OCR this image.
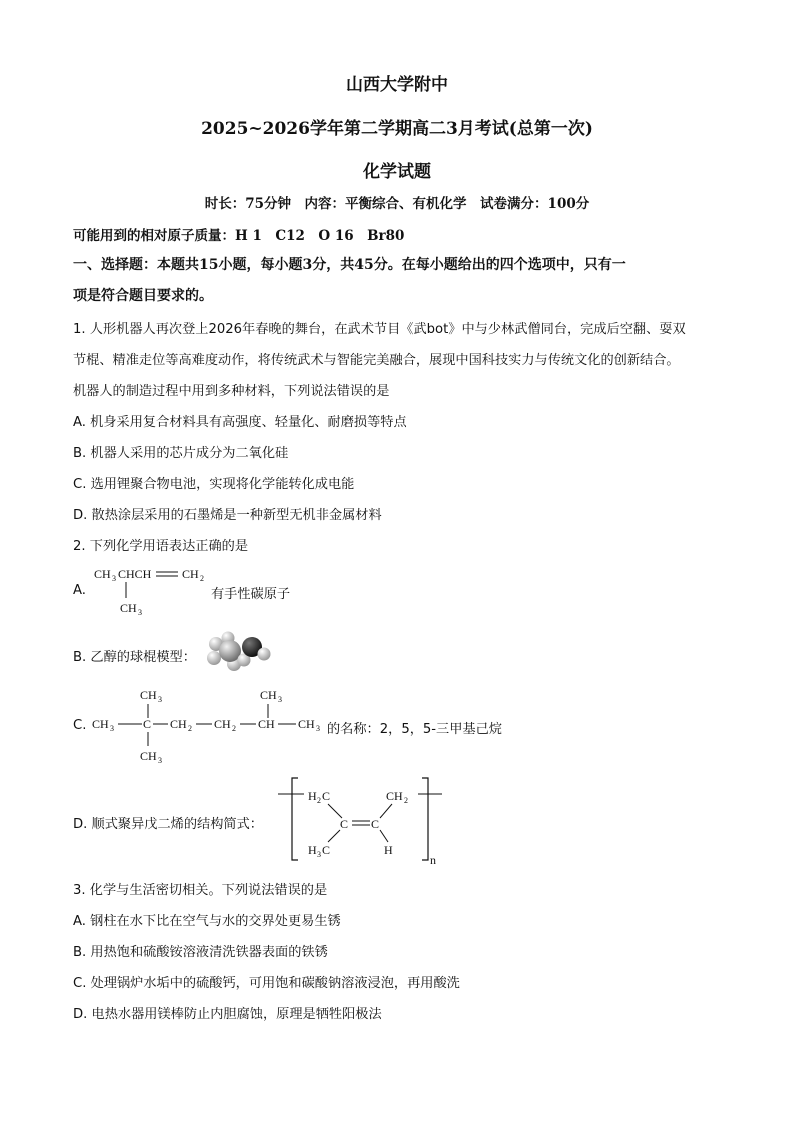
山西大学附中
2025~2026学年第二学期高二3月考试(总第一次)
化学试题
时长：75分钟　内容：平衡综合、有机化学　试卷满分：100分
可能用到的相对原子质量：H 1　C12　O 16　Br80
一、选择题：本题共15小题，每小题3分，共45分。在每小题给出的四个选项中，只有一
项是符合题目要求的。
1. 人形机器人再次登上2026年春晚的舞台，在武术节目《武bot》中与少林武僧同台，完成后空翻、耍双
节棍、精准走位等高难度动作，将传统武术与智能完美融合，展现中国科技实力与传统文化的创新结合。
机器人的制造过程中用到多种材料，下列说法错误的是
A. 机身采用复合材料具有高强度、轻量化、耐磨损等特点
B. 机器人采用的芯片成分为二氧化硅
C. 选用锂聚合物电池，实现将化学能转化成电能
D. 散热涂层采用的石墨烯是一种新型无机非金属材料
2. 下列化学用语表达正确的是
A.
CH 3 CHCH	CH 2
CH 3
有手性碳原子
B. 乙醇的球棍模型：
C.
CH 3	CH 3
CH 3 C CH 2 CH 2 CH CH 3
CH 3
的名称：2，5，5-三甲基己烷
D. 顺式聚异戊二烯的结构简式：
H 2 C	CH 2
C C
H 3 C	H
n
3. 化学与生活密切相关。下列说法错误的是
A. 钢柱在水下比在空气与水的交界处更易生锈
B. 用热饱和硫酸铵溶液清洗铁器表面的铁锈
C. 处理锅炉水垢中的硫酸钙，可用饱和碳酸钠溶液浸泡，再用酸洗
D. 电热水器用镁棒防止内胆腐蚀，原理是牺牲阳极法
